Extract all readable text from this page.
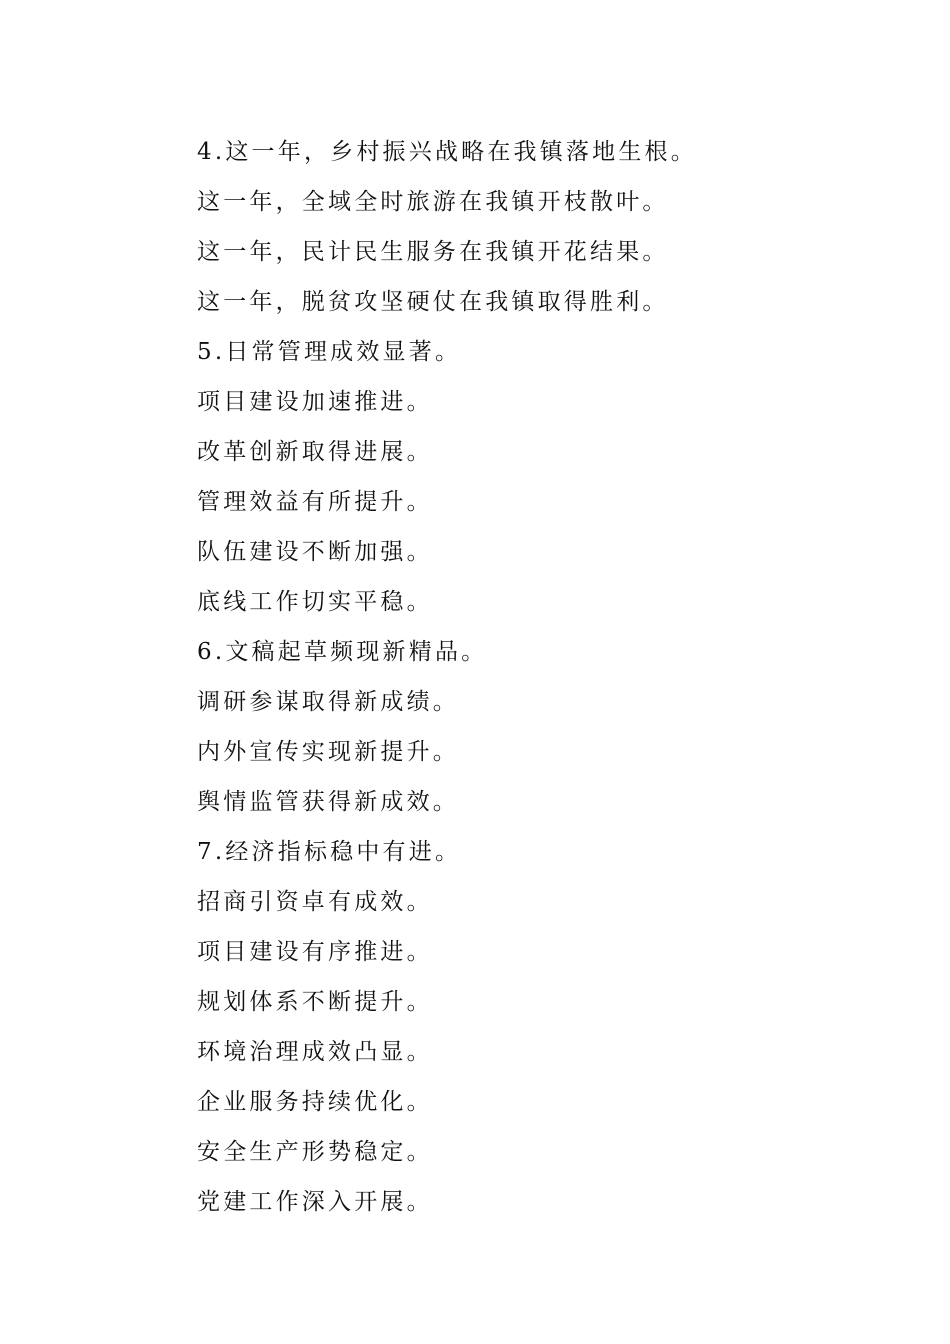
4.这一年，乡村振兴战略在我镇落地生根。
这一年，全域全时旅游在我镇开枝散叶。
这一年，民计民生服务在我镇开花结果。
这一年，脱贫攻坚硬仗在我镇取得胜利。
5.日常管理成效显著。
项目建设加速推进。
改革创新取得进展。
管理效益有所提升。
队伍建设不断加强。
底线工作切实平稳。
6.文稿起草频现新精品。
调研参谋取得新成绩。
内外宣传实现新提升。
舆情监管获得新成效。
7.经济指标稳中有进。
招商引资卓有成效。
项目建设有序推进。
规划体系不断提升。
环境治理成效凸显。
企业服务持续优化。
安全生产形势稳定。
党建工作深入开展。
